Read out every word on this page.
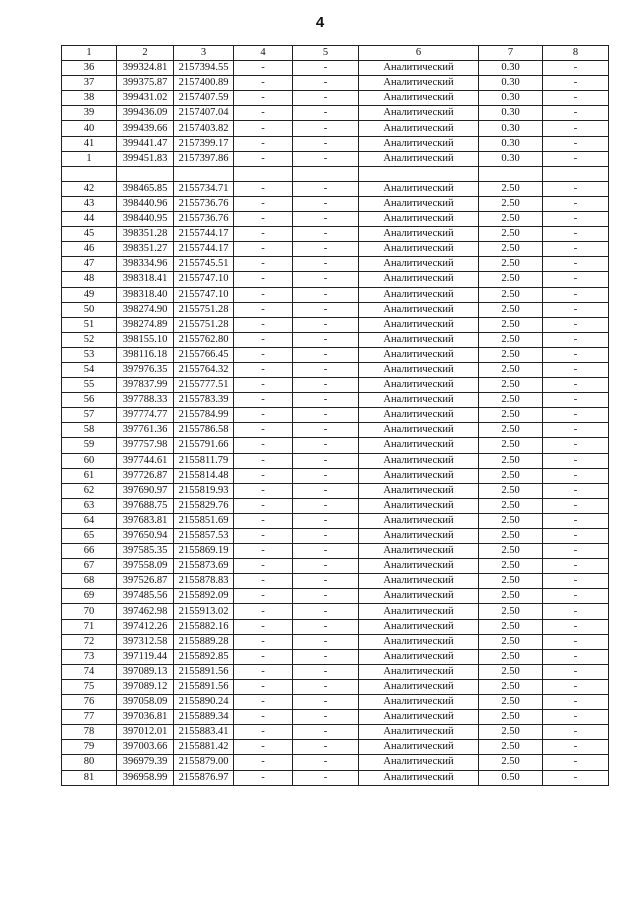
4
1	2	3	4	5	6	7	8
36	399324.81	2157394.55	-	-	Аналитический	0.30	-
37	399375.87	2157400.89	-	-	Аналитический	0.30	-
38	399431.02	2157407.59	-	-	Аналитический	0.30	-
39	399436.09	2157407.04	-	-	Аналитический	0.30	-
40	399439.66	2157403.82	-	-	Аналитический	0.30	-
41	399441.47	2157399.17	-	-	Аналитический	0.30	-
1	399451.83	2157397.86	-	-	Аналитический	0.30	-

42	398465.85	2155734.71	-	-	Аналитический	2.50	-
43	398440.96	2155736.76	-	-	Аналитический	2.50	-
44	398440.95	2155736.76	-	-	Аналитический	2.50	-
45	398351.28	2155744.17	-	-	Аналитический	2.50	-
46	398351.27	2155744.17	-	-	Аналитический	2.50	-
47	398334.96	2155745.51	-	-	Аналитический	2.50	-
48	398318.41	2155747.10	-	-	Аналитический	2.50	-
49	398318.40	2155747.10	-	-	Аналитический	2.50	-
50	398274.90	2155751.28	-	-	Аналитический	2.50	-
51	398274.89	2155751.28	-	-	Аналитический	2.50	-
52	398155.10	2155762.80	-	-	Аналитический	2.50	-
53	398116.18	2155766.45	-	-	Аналитический	2.50	-
54	397976.35	2155764.32	-	-	Аналитический	2.50	-
55	397837.99	2155777.51	-	-	Аналитический	2.50	-
56	397788.33	2155783.39	-	-	Аналитический	2.50	-
57	397774.77	2155784.99	-	-	Аналитический	2.50	-
58	397761.36	2155786.58	-	-	Аналитический	2.50	-
59	397757.98	2155791.66	-	-	Аналитический	2.50	-
60	397744.61	2155811.79	-	-	Аналитический	2.50	-
61	397726.87	2155814.48	-	-	Аналитический	2.50	-
62	397690.97	2155819.93	-	-	Аналитический	2.50	-
63	397688.75	2155829.76	-	-	Аналитический	2.50	-
64	397683.81	2155851.69	-	-	Аналитический	2.50	-
65	397650.94	2155857.53	-	-	Аналитический	2.50	-
66	397585.35	2155869.19	-	-	Аналитический	2.50	-
67	397558.09	2155873.69	-	-	Аналитический	2.50	-
68	397526.87	2155878.83	-	-	Аналитический	2.50	-
69	397485.56	2155892.09	-	-	Аналитический	2.50	-
70	397462.98	2155913.02	-	-	Аналитический	2.50	-
71	397412.26	2155882.16	-	-	Аналитический	2.50	-
72	397312.58	2155889.28	-	-	Аналитический	2.50	-
73	397119.44	2155892.85	-	-	Аналитический	2.50	-
74	397089.13	2155891.56	-	-	Аналитический	2.50	-
75	397089.12	2155891.56	-	-	Аналитический	2.50	-
76	397058.09	2155890.24	-	-	Аналитический	2.50	-
77	397036.81	2155889.34	-	-	Аналитический	2.50	-
78	397012.01	2155883.41	-	-	Аналитический	2.50	-
79	397003.66	2155881.42	-	-	Аналитический	2.50	-
80	396979.39	2155879.00	-	-	Аналитический	2.50	-
81	396958.99	2155876.97	-	-	Аналитический	0.50	-
